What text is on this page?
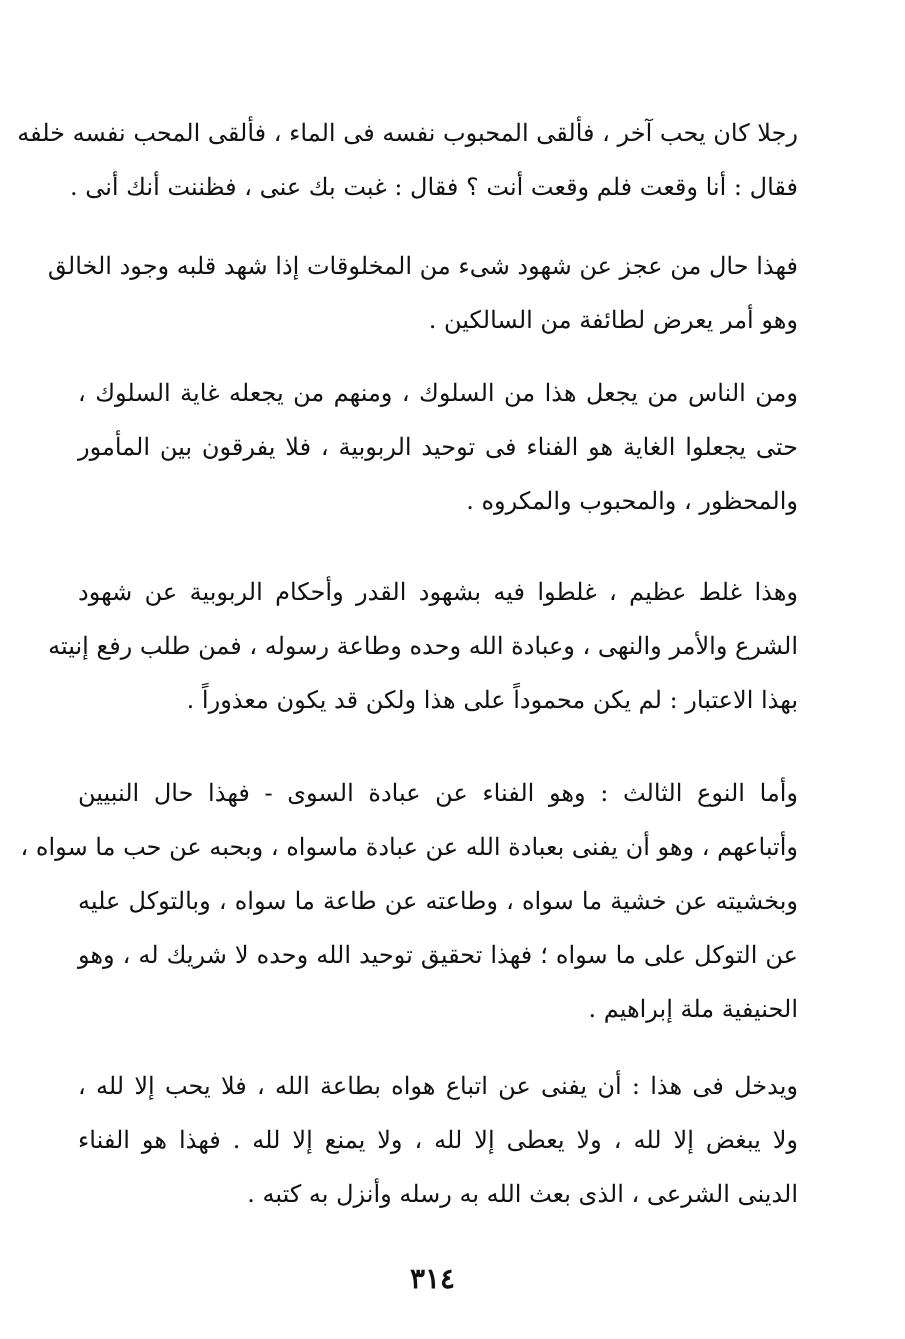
رجلا كان يحب آخر ، فألقى المحبوب نفسه فى الماء ، فألقى المحب نفسه خلفه
فقال : أنا وقعت فلم وقعت أنت ؟ فقال : غبت بك عنى ، فظننت أنك أنى .
فهذا حال من عجز عن شهود شىء من المخلوقات إذا شهد قلبه وجود الخالق
وهو أمر يعرض لطائفة من السالكين .
ومن الناس من يجعل هذا من السلوك ، ومنهم من يجعله غاية السلوك ،
حتى يجعلوا الغاية هو الفناء فى توحيد الربوبية ، فلا يفرقون بين المأمور
والمحظور ، والمحبوب والمكروه .
وهذا غلط عظيم ، غلطوا فيه بشهود القدر وأحكام الربوبية عن شهود
الشرع والأمر والنهى ، وعبادة الله وحده وطاعة رسوله ، فمن طلب رفع إنيته
بهذا الاعتبار : لم يكن محموداً على هذا ولكن قد يكون معذوراً .
وأما النوع الثالث : وهو الفناء عن عبادة السوى - فهذا حال النبيين
وأتباعهم ، وهو أن يفنى بعبادة الله عن عبادة ماسواه ، وبحبه عن حب ما سواه ،
وبخشيته عن خشية ما سواه ، وطاعته عن طاعة ما سواه ، وبالتوكل عليه
عن التوكل على ما سواه ؛ فهذا تحقيق توحيد الله وحده لا شريك له ، وهو
الحنيفية ملة إبراهيم .
ويدخل فى هذا : أن يفنى عن اتباع هواه بطاعة الله ، فلا يحب إلا لله ،
ولا يبغض إلا لله ، ولا يعطى إلا لله ، ولا يمنع إلا لله . فهذا هو الفناء
الدينى الشرعى ، الذى بعث الله به رسله وأنزل به كتبه .
٣١٤
